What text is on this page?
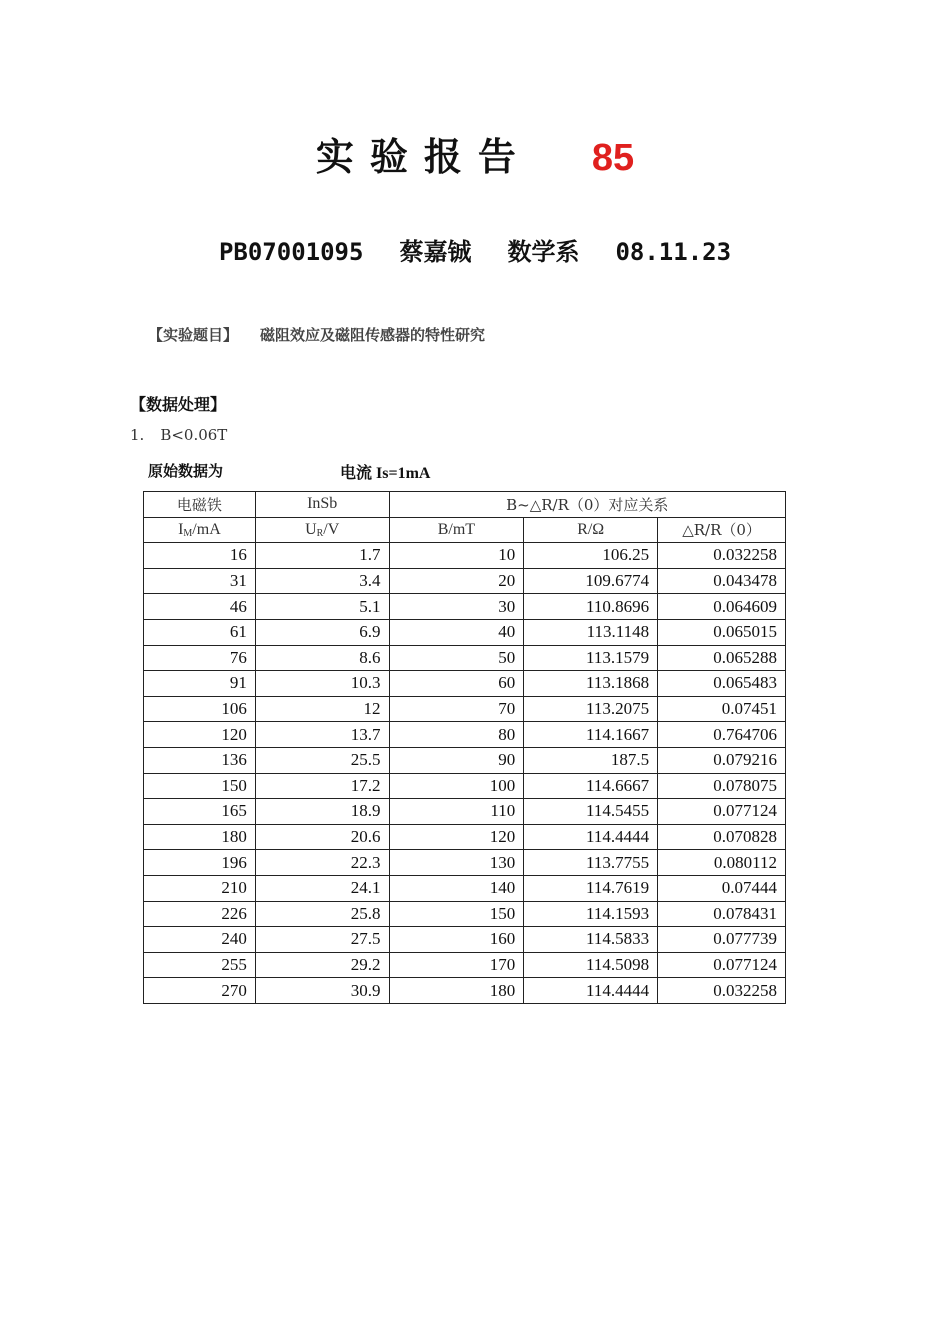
实验报告 85
PB07001095 蔡嘉铖 数学系 08.11.23
【实验题目】 磁阻效应及磁阻传感器的特性研究
【数据处理】
1. B<0.06T
原始数据为	电流 Is=1mA
电磁铁	InSb	B~△R/R（0）对应关系		
$I_M/mA$	$U_R/V$	B/mT	R/Ω	△R/R（0）
16	1.7	10	106.25	0.032258
31	3.4	20	109.6774	0.043478
46	5.1	30	110.8696	0.064609
61	6.9	40	113.1148	0.065015
76	8.6	50	113.1579	0.065288
91	10.3	60	113.1868	0.065483
106	12	70	113.2075	0.07451
120	13.7	80	114.1667	0.764706
136	25.5	90	187.5	0.079216
150	17.2	100	114.6667	0.078075
165	18.9	110	114.5455	0.077124
180	20.6	120	114.4444	0.070828
196	22.3	130	113.7755	0.080112
210	24.1	140	114.7619	0.07444
226	25.8	150	114.1593	0.078431
240	27.5	160	114.5833	0.077739
255	29.2	170	114.5098	0.077124
270	30.9	180	114.4444	0.032258
